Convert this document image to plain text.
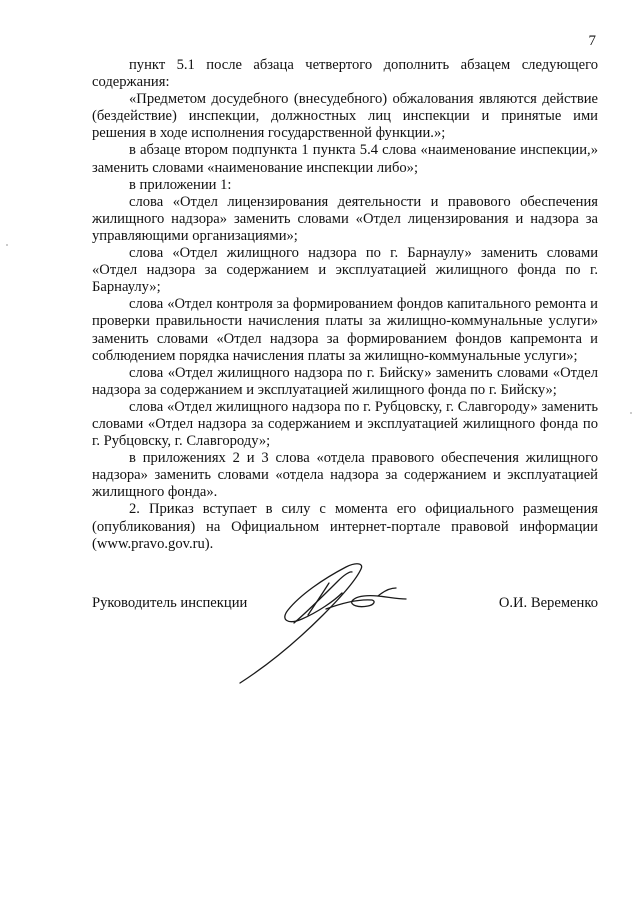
7

пункт 5.1 после абзаца четвертого дополнить абзацем следующего содержания:

«Предметом досудебного (внесудебного) обжалования являются действие (бездействие) инспекции, должностных лиц инспекции и принятые ими решения в ходе исполнения государственной функции.»;

в абзаце втором подпункта 1 пункта 5.4 слова «наименование инспекции,» заменить словами «наименование инспекции либо»;

в приложении 1:

слова «Отдел лицензирования деятельности и правового обеспечения жилищного надзора» заменить словами «Отдел лицензирования и надзора за управляющими организациями»;

слова «Отдел жилищного надзора по г. Барнаулу» заменить словами «Отдел надзора за содержанием и эксплуатацией жилищного фонда по г. Барнаулу»;

слова «Отдел контроля за формированием фондов капитального ремонта и проверки правильности начисления платы за жилищно-коммунальные услуги» заменить словами «Отдел надзора за формированием фондов капремонта и соблюдением порядка начисления платы за жилищно-коммунальные услуги»;

слова «Отдел жилищного надзора по г. Бийску» заменить словами «Отдел надзора за содержанием и эксплуатацией жилищного фонда по г. Бийску»;

слова «Отдел жилищного надзора по г. Рубцовску, г. Славгороду» заменить словами «Отдел надзора за содержанием и эксплуатацией жилищного фонда по г. Рубцовску, г. Славгороду»;

в приложениях 2 и 3 слова «отдела правового обеспечения жилищного надзора» заменить словами «отдела надзора за содержанием и эксплуатацией жилищного фонда».

2. Приказ вступает в силу с момента его официального размещения (опубликования) на Официальном интернет-портале правовой информации (www.pravo.gov.ru).

Руководитель инспекции	О.И. Веременко
